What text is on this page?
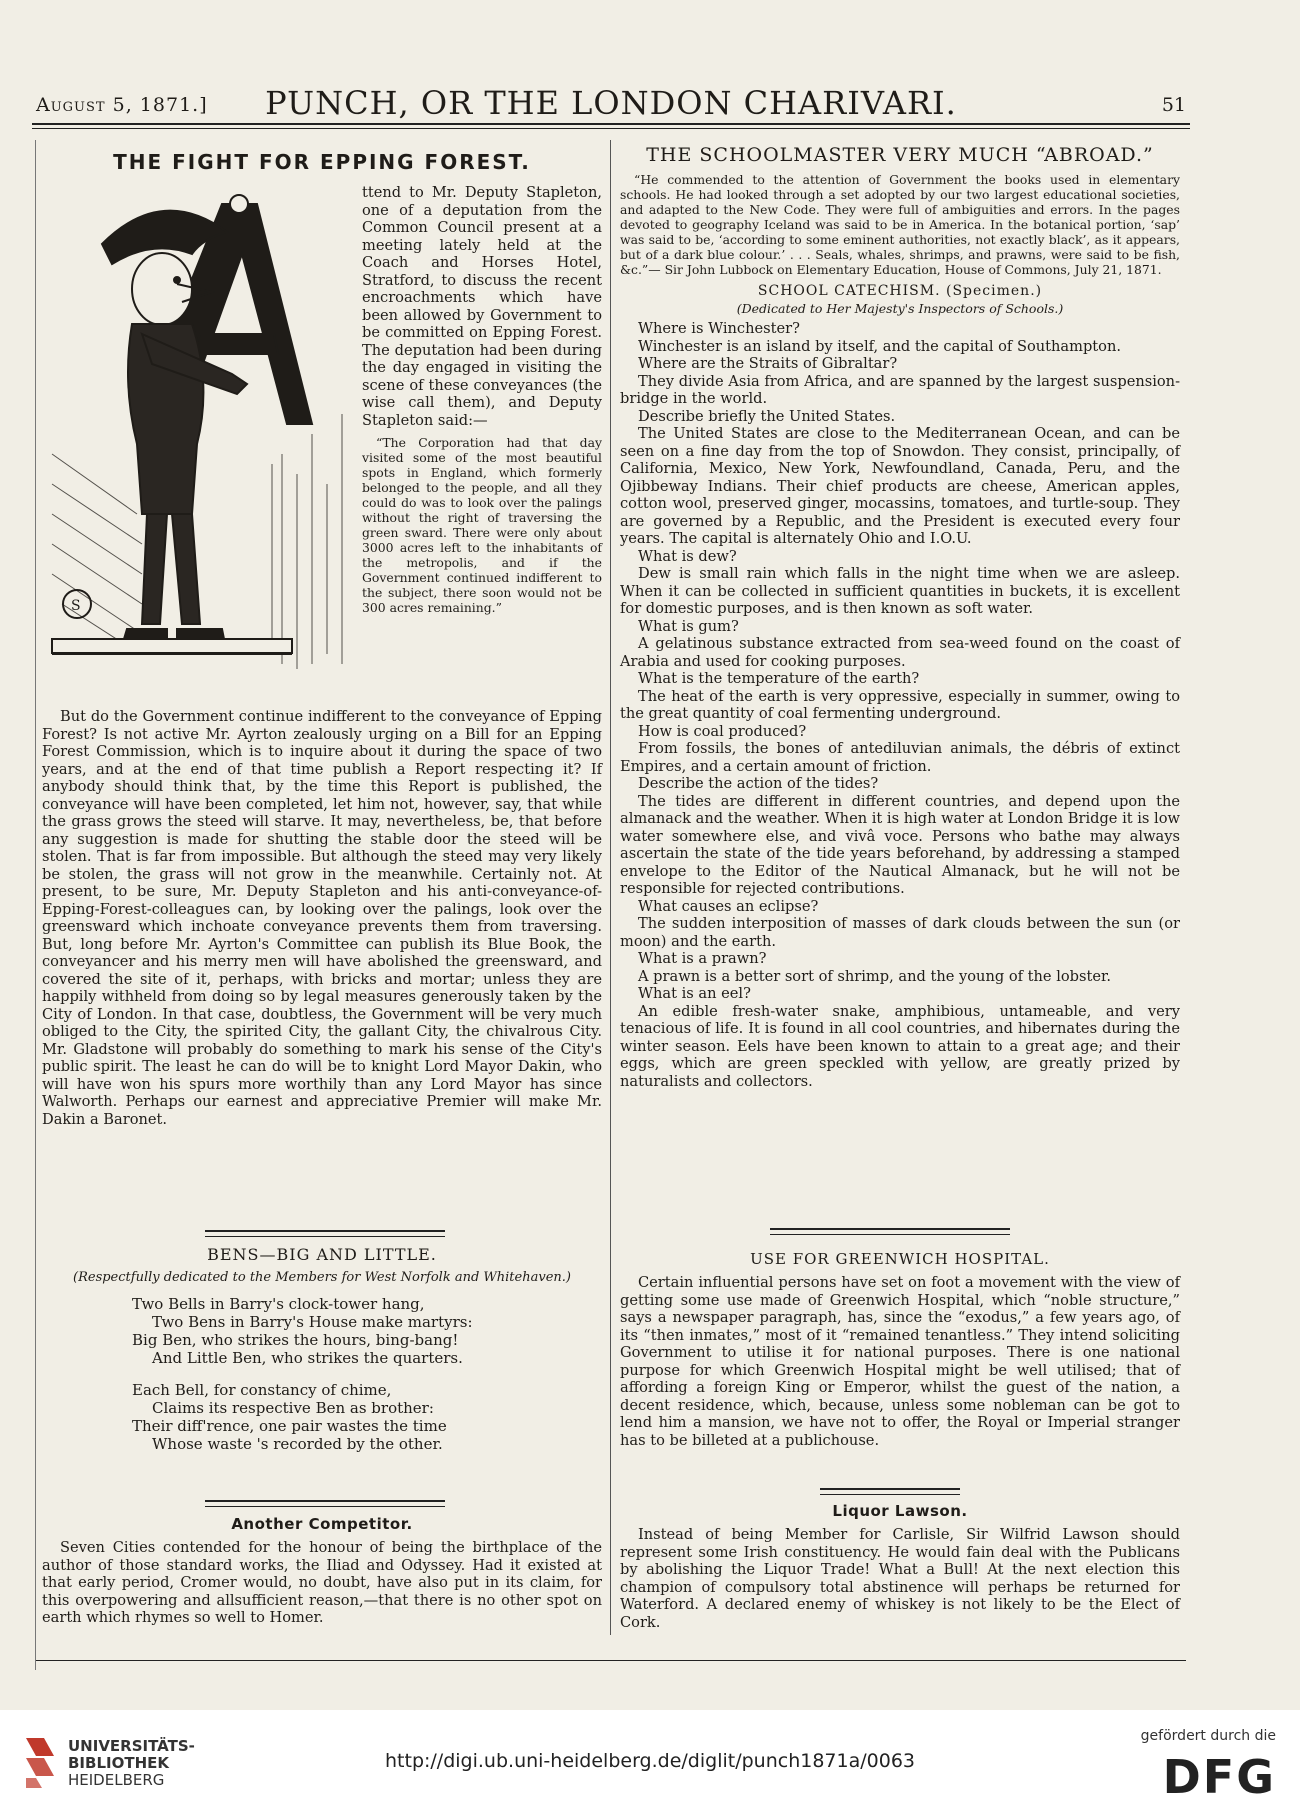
August 5, 1871.]	PUNCH, OR THE LONDON CHARIVARI.	51
THE FIGHT FOR EPPING FOREST.
S

ttend to Mr. Deputy Stapleton, one of a deputation from the Common Council present at a meeting lately held at the Coach and Horses Hotel, Stratford, to discuss the recent encroachments which have been allowed by Government to be committed on Epping Forest. The deputation had been during the day engaged in visiting the scene of these conveyances (the wise call them), and Deputy Stapleton said:—

“The Corporation had that day visited some of the most beautiful spots in England, which formerly belonged to the people, and all they could do was to look over the palings without the right of traversing the green sward. There were only about 3000 acres left to the inhabitants of the metropolis, and if the Government continued indifferent to the subject, there soon would not be 300 acres remaining.”

But do the Government continue indifferent to the conveyance of Epping Forest? Is not active Mr. Ayrton zealously urging on a Bill for an Epping Forest Commission, which is to inquire about it during the space of two years, and at the end of that time publish a Report respecting it? If anybody should think that, by the time this Report is published, the conveyance will have been completed, let him not, however, say, that while the grass grows the steed will starve. It may, nevertheless, be, that before any suggestion is made for shutting the stable door the steed will be stolen. That is far from impossible. But although the steed may very likely be stolen, the grass will not grow in the meanwhile. Certainly not. At present, to be sure, Mr. Deputy Stapleton and his anti-conveyance-of-Epping-Forest-colleagues can, by looking over the palings, look over the greensward which inchoate conveyance prevents them from traversing. But, long before Mr. Ayrton's Committee can publish its Blue Book, the conveyancer and his merry men will have abolished the greensward, and covered the site of it, perhaps, with bricks and mortar; unless they are happily withheld from doing so by legal measures generously taken by the City of London. In that case, doubtless, the Government will be very much obliged to the City, the spirited City, the gallant City, the chivalrous City. Mr. Gladstone will probably do something to mark his sense of the City's public spirit. The least he can do will be to knight Lord Mayor Dakin, who will have won his spurs more worthily than any Lord Mayor has since Walworth. Perhaps our earnest and appreciative Premier will make Mr. Dakin a Baronet.

BENS—BIG AND LITTLE.
(Respectfully dedicated to the Members for West Norfolk and Whitehaven.)

Two Bells in Barry's clock-tower hang,

Two Bens in Barry's House make martyrs:

Big Ben, who strikes the hours, bing-bang!

And Little Ben, who strikes the quarters.

Each Bell, for constancy of chime,

Claims its respective Ben as brother:

Their diff'rence, one pair wastes the time

Whose waste 's recorded by the other.

Another Competitor.

Seven Cities contended for the honour of being the birthplace of the author of those standard works, the Iliad and Odyssey. Had it existed at that early period, Cromer would, no doubt, have also put in its claim, for this overpowering and allsufficient reason,—that there is no other spot on earth which rhymes so well to Homer.

THE SCHOOLMASTER VERY MUCH “ABROAD.”

“He commended to the attention of Government the books used in elementary schools. He had looked through a set adopted by our two largest educational societies, and adapted to the New Code. They were full of ambiguities and errors. In the pages devoted to geography Iceland was said to be in America. In the botanical portion, ‘sap’ was said to be, ‘according to some eminent authorities, not exactly black’, as it appears, but of a dark blue colour.’ . . . Seals, whales, shrimps, and prawns, were said to be fish, &c.”— Sir John Lubbock on Elementary Education, House of Commons, July 21, 1871.

SCHOOL CATECHISM. (Specimen.)
(Dedicated to Her Majesty's Inspectors of Schools.)

Where is Winchester?

Winchester is an island by itself, and the capital of Southampton.

Where are the Straits of Gibraltar?

They divide Asia from Africa, and are spanned by the largest suspension-bridge in the world.

Describe briefly the United States.

The United States are close to the Mediterranean Ocean, and can be seen on a fine day from the top of Snowdon. They consist, principally, of California, Mexico, New York, Newfoundland, Canada, Peru, and the Ojibbeway Indians. Their chief products are cheese, American apples, cotton wool, preserved ginger, mocassins, tomatoes, and turtle-soup. They are governed by a Republic, and the President is executed every four years. The capital is alternately Ohio and I.O.U.

What is dew?

Dew is small rain which falls in the night time when we are asleep. When it can be collected in sufficient quantities in buckets, it is excellent for domestic purposes, and is then known as soft water.

What is gum?

A gelatinous substance extracted from sea-weed found on the coast of Arabia and used for cooking purposes.

What is the temperature of the earth?

The heat of the earth is very oppressive, especially in summer, owing to the great quantity of coal fermenting underground.

How is coal produced?

From fossils, the bones of antediluvian animals, the débris of extinct Empires, and a certain amount of friction.

Describe the action of the tides?

The tides are different in different countries, and depend upon the almanack and the weather. When it is high water at London Bridge it is low water somewhere else, and vivâ voce. Persons who bathe may always ascertain the state of the tide years beforehand, by addressing a stamped envelope to the Editor of the Nautical Almanack, but he will not be responsible for rejected contributions.

What causes an eclipse?

The sudden interposition of masses of dark clouds between the sun (or moon) and the earth.

What is a prawn?

A prawn is a better sort of shrimp, and the young of the lobster.

What is an eel?

An edible fresh-water snake, amphibious, untameable, and very tenacious of life. It is found in all cool countries, and hibernates during the winter season. Eels have been known to attain to a great age; and their eggs, which are green speckled with yellow, are greatly prized by naturalists and collectors.

USE FOR GREENWICH HOSPITAL.

Certain influential persons have set on foot a movement with the view of getting some use made of Greenwich Hospital, which “noble structure,” says a newspaper paragraph, has, since the “exodus,” a few years ago, of its “then inmates,” most of it “remained tenantless.” They intend soliciting Government to utilise it for national purposes. There is one national purpose for which Greenwich Hospital might be well utilised; that of affording a foreign King or Emperor, whilst the guest of the nation, a decent residence, which, because, unless some nobleman can be got to lend him a mansion, we have not to offer, the Royal or Imperial stranger has to be billeted at a publichouse.

Liquor Lawson.

Instead of being Member for Carlisle, Sir Wilfrid Lawson should represent some Irish constituency. He would fain deal with the Publicans by abolishing the Liquor Trade! What a Bull! At the next election this champion of compulsory total abstinence will perhaps be returned for Waterford. A declared enemy of whiskey is not likely to be the Elect of Cork.

UNIVERSITÄTS-
BIBLIOTHEK
HEIDELBERG
http://digi.ub.uni-heidelberg.de/diglit/punch1871a/0063
gefördert durch die
DFG
